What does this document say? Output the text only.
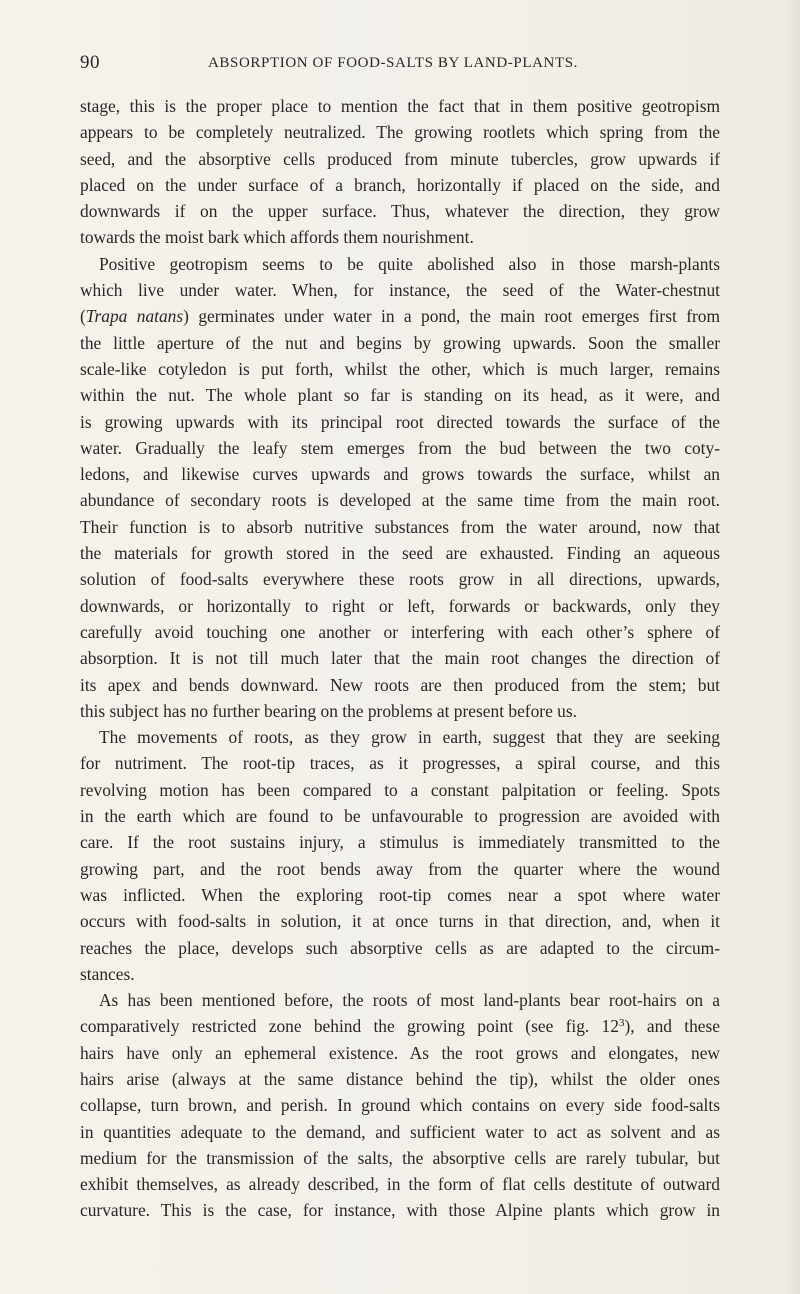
90	ABSORPTION OF FOOD-SALTS BY LAND-PLANTS.
stage, this is the proper place to mention the fact that in them positive geotropism
appears to be completely neutralized. The growing rootlets which spring from the
seed, and the absorptive cells produced from minute tubercles, grow upwards if
placed on the under surface of a branch, horizontally if placed on the side, and
downwards if on the upper surface. Thus, whatever the direction, they grow
towards the moist bark which affords them nourishment.
Positive geotropism seems to be quite abolished also in those marsh-plants
which live under water. When, for instance, the seed of the Water-chestnut
(Trapa natans) germinates under water in a pond, the main root emerges first from
the little aperture of the nut and begins by growing upwards. Soon the smaller
scale-like cotyledon is put forth, whilst the other, which is much larger, remains
within the nut. The whole plant so far is standing on its head, as it were, and
is growing upwards with its principal root directed towards the surface of the
water. Gradually the leafy stem emerges from the bud between the two coty-
ledons, and likewise curves upwards and grows towards the surface, whilst an
abundance of secondary roots is developed at the same time from the main root.
Their function is to absorb nutritive substances from the water around, now that
the materials for growth stored in the seed are exhausted. Finding an aqueous
solution of food-salts everywhere these roots grow in all directions, upwards,
downwards, or horizontally to right or left, forwards or backwards, only they
carefully avoid touching one another or interfering with each other’s sphere of
absorption. It is not till much later that the main root changes the direction of
its apex and bends downward. New roots are then produced from the stem; but
this subject has no further bearing on the problems at present before us.
The movements of roots, as they grow in earth, suggest that they are seeking
for nutriment. The root-tip traces, as it progresses, a spiral course, and this
revolving motion has been compared to a constant palpitation or feeling. Spots
in the earth which are found to be unfavourable to progression are avoided with
care. If the root sustains injury, a stimulus is immediately transmitted to the
growing part, and the root bends away from the quarter where the wound
was inflicted. When the exploring root-tip comes near a spot where water
occurs with food-salts in solution, it at once turns in that direction, and, when it
reaches the place, develops such absorptive cells as are adapted to the circum-
stances.
As has been mentioned before, the roots of most land-plants bear root-hairs on a
comparatively restricted zone behind the growing point (see fig. $12^3$), and these
hairs have only an ephemeral existence. As the root grows and elongates, new
hairs arise (always at the same distance behind the tip), whilst the older ones
collapse, turn brown, and perish. In ground which contains on every side food-salts
in quantities adequate to the demand, and sufficient water to act as solvent and as
medium for the transmission of the salts, the absorptive cells are rarely tubular, but
exhibit themselves, as already described, in the form of flat cells destitute of outward
curvature. This is the case, for instance, with those Alpine plants which grow in
